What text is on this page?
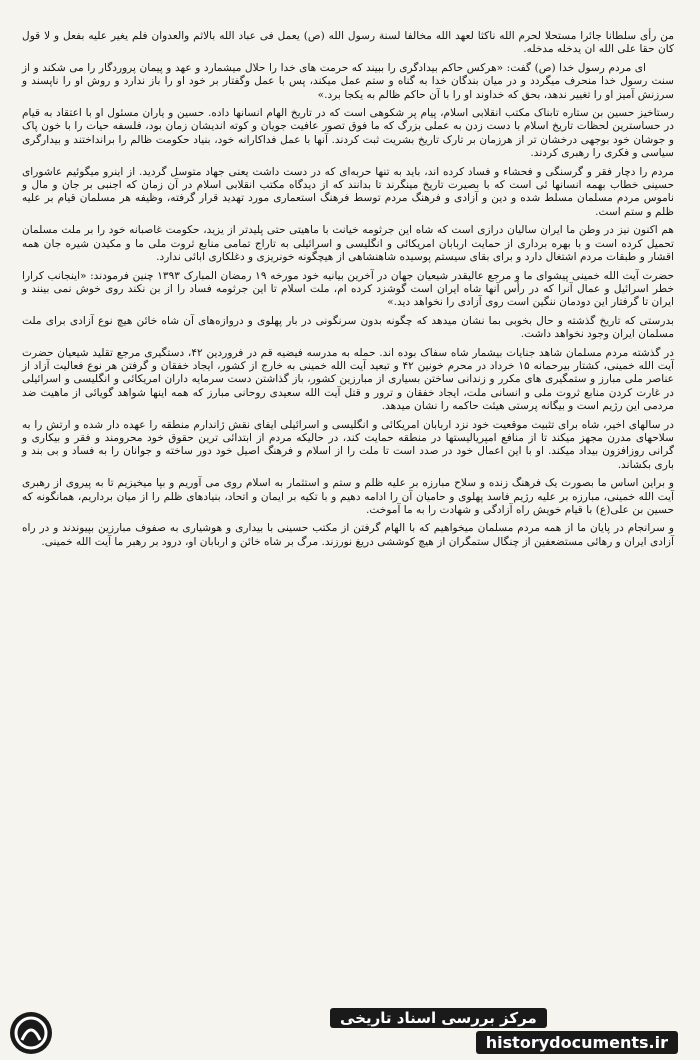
من رأى سلطانا جائرا مستحلا لحرم الله ناكثا لعهد الله مخالفا لسنة رسول الله (ص) يعمل فى عباد الله بالاثم والعدوان فلم يغير عليه بفعل و لا قول كان حقا على الله ان يدخله مدخله.

ای مردم رسول خدا (ص) گفت: «هرکس حاکم بیدادگری را ببیند که حرمت های خدا را حلال میشمارد و عهد و پیمان پروردگار را می شکند و از سنت رسول خدا منحرف میگردد و در میان بندگان خدا به گناه و ستم عمل میکند، پس با عمل وگفتار بر خود او را باز ندارد و روش او را ناپسند و سرزنش آمیز او را تغییر ندهد، بحق که خداوند او را با آن حاکم ظالم به یکجا برد.»

رستاخیز حسین بن ستاره تابناک مکتب انقلابی اسلام، پیام پر شکوهی است که در تاریخ الهام انسانها داده. حسین و یاران مسئول او با اعتقاد به قیام در حساسترین لحظات تاریخ اسلام با دست زدن به عملی بزرگ که ما فوق تصور عافیت جویان و کوته اندیشان زمان بود، فلسفه حیات را با خون پاک و جوشان خود بوجهی درخشان تر از هرزمان بر تارک تاریخ بشریت ثبت کردند. آنها با عمل فداکارانه خود، بنیاد حکومت ظالم را برانداختند و بیدارگری سیاسی و فکری را رهبری کردند.

مردم را دچار فقر و گرسنگی و فحشاء و فساد کرده اند، باید به تنها حربه‌ای که در دست داشت یعنی جهاد متوسل گردید. از اینرو میگوئیم عاشورای حسینی خطاب بهمه انسانها ئی است که با بصیرت تاریخ مینگرند تا بدانند که از دیدگاه مکتب انقلابی اسلام در آن زمان که اجنبی بر جان و مال و ناموس مردم مسلمان مسلط شده و دین و آزادی و فرهنگ مردم توسط فرهنگ استعماری مورد تهدید قرار گرفته، وظیفه هر مسلمان قیام بر علیه ظلم و ستم است.

هم اکنون نیز در وطن ما ایران سالیان درازی است که شاه این جرثومه خیانت با ماهیتی حتی پلیدتر از یزید، حکومت غاصبانه خود را بر ملت مسلمان تحمیل کرده است و با بهره برداری از حمایت اربابان امریکائی و انگلیسی و اسرائیلی به تاراج تمامی منابع ثروت ملی ما و مکیدن شیره جان همه اقشار و طبقات مردم اشتغال دارد و برای بقای سیستم پوسیده شاهنشاهی از هیچگونه خونریزی و دغلکاری ابائی ندارد.

حضرت آیت الله خمینی پیشوای ما و مرجع عالیقدر شیعیان جهان در آخرین بیانیه خود مورخه ۱۹ رمضان المبارک ۱۳۹۳ چنین فرمودند: «اینجانب کرارا خطر اسرائیل و عمال آنرا که در رأس آنها شاه ایران است گوشزد کرده ام، ملت اسلام تا این جرثومه فساد را از بن نکند روی خوش نمی بینند و ایران تا گرفتار این دودمان ننگین است روی آزادی را نخواهد دید.»

بدرستی که تاریخ گذشته و حال بخوبی بما نشان میدهد که چگونه بدون سرنگونی در بار پهلوی و دروازه‌های آن شاه خائن هیچ نوع آزادی برای ملت مسلمان ایران وجود نخواهد داشت.

در گذشته مردم مسلمان شاهد جنایات بیشمار شاه سفاک بوده اند. حمله به مدرسه فیضیه قم در فروردین ۴۲، دستگیری مرجع تقلید شیعیان حضرت آیت الله خمینی، کشتار بیرحمانه ۱۵ خرداد در محرم خونین ۴۲ و تبعید آیت الله خمینی به خارج از کشور، ایجاد خفقان و گرفتن هر نوع فعالیت آزاد از عناصر ملی مبارز و ستمگیری های مکرر و زندانی ساختن بسیاری از مبارزین کشور، باز گذاشتن دست سرمایه داران امریکائی و انگلیسی و اسرائیلی در غارت کردن منابع ثروت ملی و انسانی ملت، ایجاد خفقان و ترور و قتل آیت الله سعیدی روحانی مبارز که همه اینها شواهد گویائی از ماهیت ضد مردمی این رژیم است و بیگانه پرستی هیئت حاکمه را نشان میدهد.

در سالهای اخیر، شاه برای تثبیت موقعیت خود نزد اربابان امریکائی و انگلیسی و اسرائیلی ایفای نقش ژاندارم منطقه را عهده دار شده و ارتش را به سلاحهای مدرن مجهز میکند تا از منافع امپریالیستها در منطقه حمایت کند، در حالیکه مردم از ابتدائی ترین حقوق خود محرومند و فقر و بیکاری و گرانی روزافزون بیداد میکند. او با این اعمال خود در صدد است تا ملت را از اسلام و فرهنگ اصیل خود دور ساخته و جوانان را به فساد و بی بند و باری بکشاند.

و براین اساس ما بصورت یک فرهنگ زنده و سلاح مبارزه بر علیه ظلم و ستم و استثمار به اسلام روی می آوریم و بپا میخیزیم تا به پیروی از رهبری آیت الله خمینی، مبارزه بر علیه رژیم فاسد پهلوی و حامیان آن را ادامه دهیم و با تکیه بر ایمان و اتحاد، بنیادهای ظلم را از میان برداریم، همانگونه که حسین بن علی(ع) با قیام خویش راه آزادگی و شهادت را به ما آموخت.

و سرانجام در پایان ما از همه مردم مسلمان میخواهیم که با الهام گرفتن از مکتب حسینی با بیداری و هوشیاری به صفوف مبارزین بپیوندند و در راه آزادی ایران و رهائی مستضعفین از چنگال ستمگران از هیچ کوششی دریغ نورزند. مرگ بر شاه خائن و اربابان او، درود بر رهبر ما آیت الله خمینی.

مرکز بررسی اسناد تاریخی
historydocuments.ir
